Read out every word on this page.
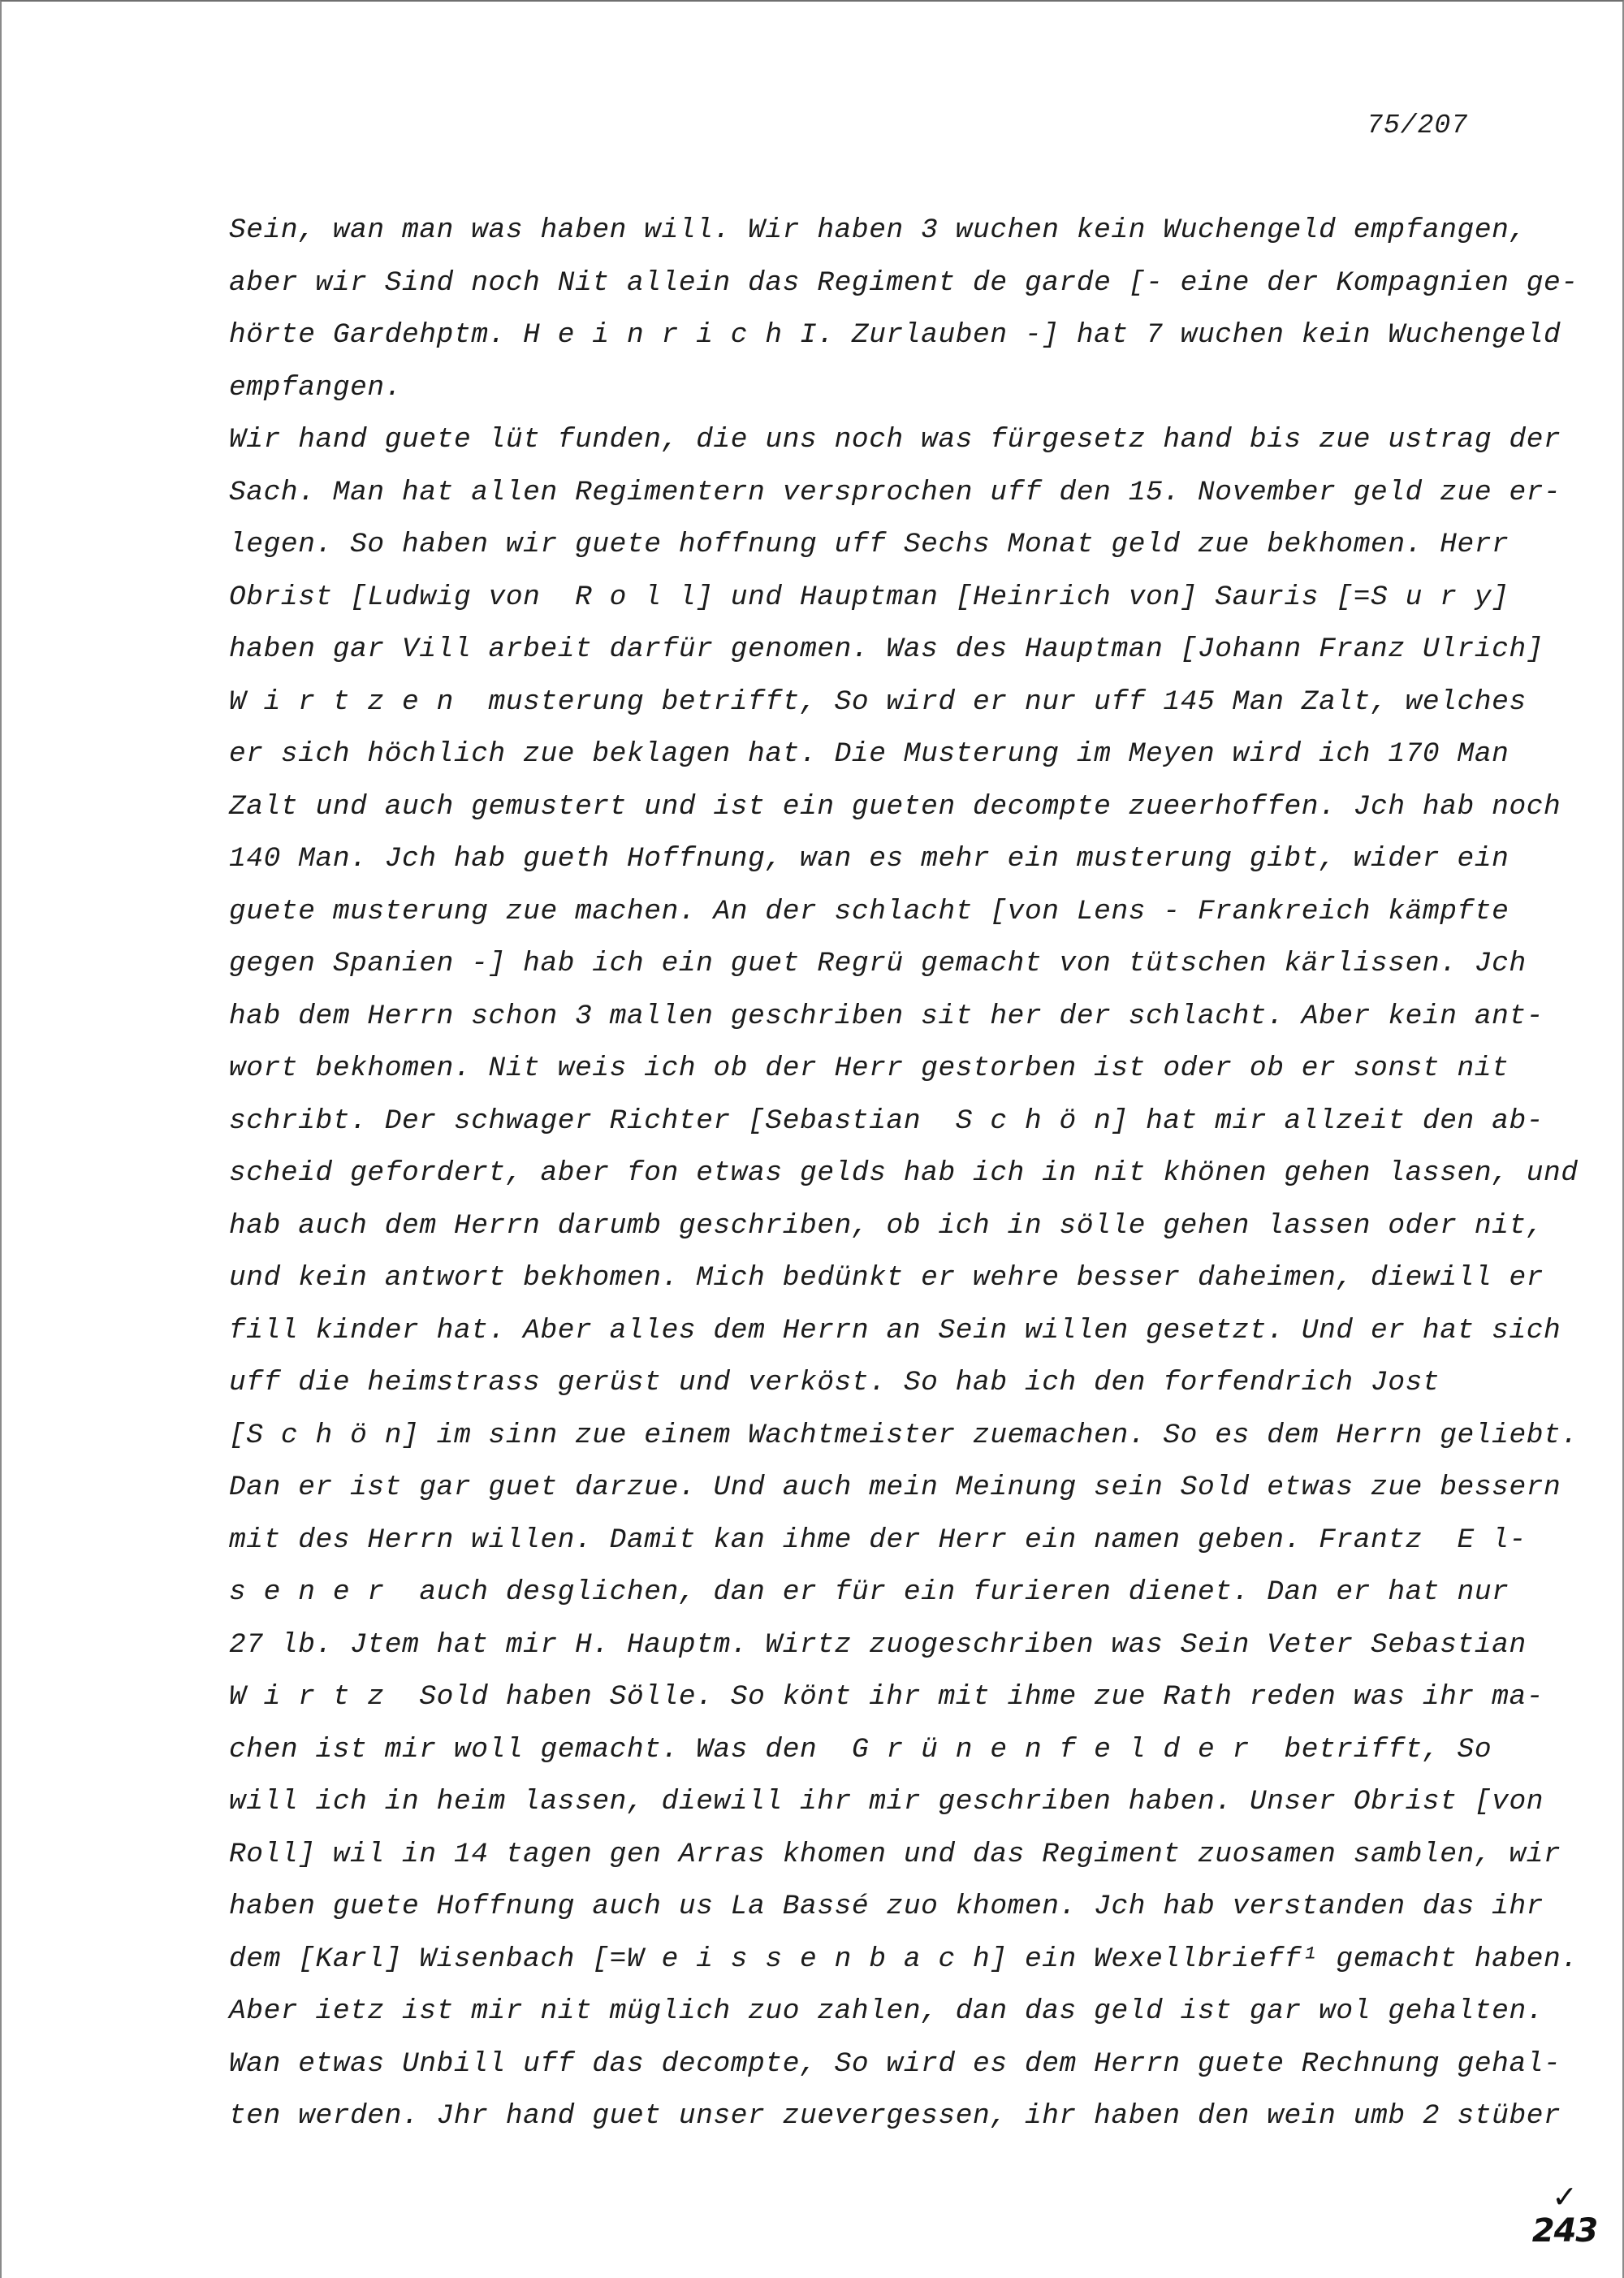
75/207
Sein, wan man was haben will. Wir haben 3 wuchen kein Wuchengeld empfangen,
aber wir Sind noch Nit allein das Regiment de garde [- eine der Kompagnien ge-
hörte Gardehptm. H e i n r i c h I. Zurlauben -] hat 7 wuchen kein Wuchengeld
empfangen.
Wir hand guete lüt funden, die uns noch was fürgesetz hand bis zue ustrag der
Sach. Man hat allen Regimentern versprochen uff den 15. November geld zue er-
legen. So haben wir guete hoffnung uff Sechs Monat geld zue bekhomen. Herr
Obrist [Ludwig von  R o l l] und Hauptman [Heinrich von] Sauris [=S u r y]
haben gar Vill arbeit darfür genomen. Was des Hauptman [Johann Franz Ulrich]
W i r t z e n  musterung betrifft, So wird er nur uff 145 Man Zalt, welches
er sich höchlich zue beklagen hat. Die Musterung im Meyen wird ich 170 Man
Zalt und auch gemustert und ist ein gueten decompte zueerhoffen. Jch hab noch
140 Man. Jch hab gueth Hoffnung, wan es mehr ein musterung gibt, wider ein
guete musterung zue machen. An der schlacht [von Lens - Frankreich kämpfte
gegen Spanien -] hab ich ein guet Regrü gemacht von tütschen kärlissen. Jch
hab dem Herrn schon 3 mallen geschriben sit her der schlacht. Aber kein ant-
wort bekhomen. Nit weis ich ob der Herr gestorben ist oder ob er sonst nit
schribt. Der schwager Richter [Sebastian  S c h ö n] hat mir allzeit den ab-
scheid gefordert, aber fon etwas gelds hab ich in nit khönen gehen lassen, und
hab auch dem Herrn darumb geschriben, ob ich in sölle gehen lassen oder nit,
und kein antwort bekhomen. Mich bedünkt er wehre besser daheimen, diewill er
fill kinder hat. Aber alles dem Herrn an Sein willen gesetzt. Und er hat sich
uff die heimstrass gerüst und verköst. So hab ich den forfendrich Jost
[S c h ö n] im sinn zue einem Wachtmeister zuemachen. So es dem Herrn geliebt.
Dan er ist gar guet darzue. Und auch mein Meinung sein Sold etwas zue bessern
mit des Herrn willen. Damit kan ihme der Herr ein namen geben. Frantz  E l-
s e n e r  auch desglichen, dan er für ein furieren dienet. Dan er hat nur
27 lb. Jtem hat mir H. Hauptm. Wirtz zuogeschriben was Sein Veter Sebastian
W i r t z  Sold haben Sölle. So könt ihr mit ihme zue Rath reden was ihr ma-
chen ist mir woll gemacht. Was den  G r ü n e n f e l d e r  betrifft, So
will ich in heim lassen, diewill ihr mir geschriben haben. Unser Obrist [von
Roll] wil in 14 tagen gen Arras khomen und das Regiment zuosamen samblen, wir
haben guete Hoffnung auch us La Bassé zuo khomen. Jch hab verstanden das ihr
dem [Karl] Wisenbach [=W e i s s e n b a c h] ein Wexellbrieff¹ gemacht haben.
Aber ietz ist mir nit müglich zuo zahlen, dan das geld ist gar wol gehalten.
Wan etwas Unbill uff das decompte, So wird es dem Herrn guete Rechnung gehal-
ten werden. Jhr hand guet unser zuevergessen, ihr haben den wein umb 2 stüber
✓
243
